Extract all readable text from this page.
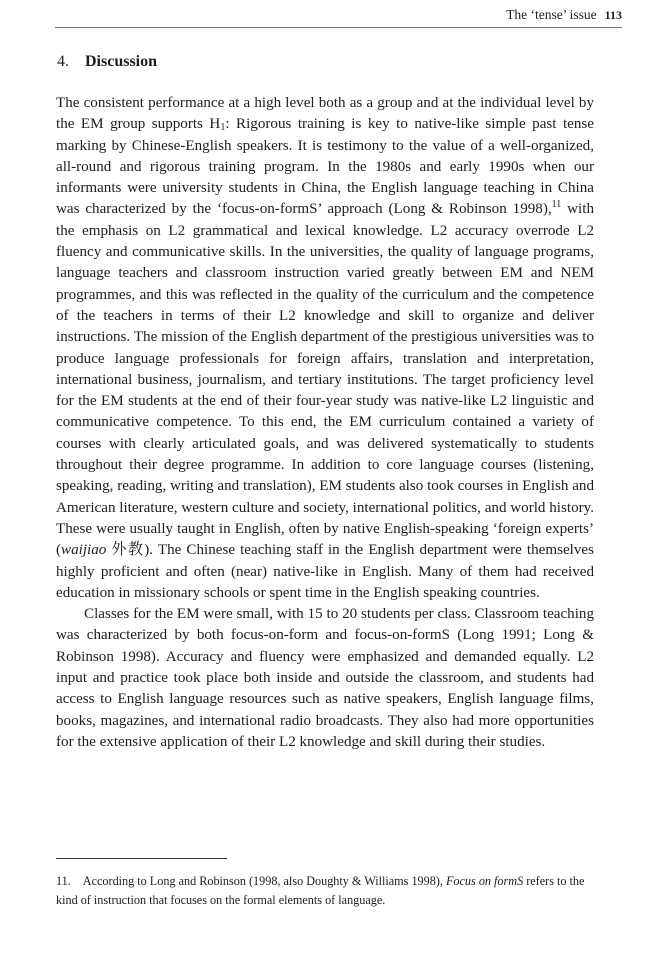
The ‘tense’ issue 113
4. Discussion

The consistent performance at a high level both as a group and at the individual level by the EM group supports $H_1$: Rigorous training is key to native-like simple past tense marking by Chinese-English speakers. It is testimony to the value of a well-organized, all-round and rigorous training program. In the 1980s and early 1990s when our informants were university students in China, the English language teaching in China was characterized by the ‘focus-on-formS’ approach (Long & Robinson 1998),$^{11}$ with the emphasis on L2 grammatical and lexical knowledge. L2 accuracy overrode L2 fluency and communicative skills. In the universities, the quality of language programs, language teachers and classroom instruction varied greatly between EM and NEM programmes, and this was reflected in the quality of the curriculum and the competence of the teachers in terms of their L2 knowledge and skill to organize and deliver instructions. The mission of the English department of the prestigious universities was to produce language professionals for foreign affairs, translation and interpretation, international business, journalism, and tertiary institutions. The target proficiency level for the EM students at the end of their four-year study was native-like L2 linguistic and communicative competence. To this end, the EM curriculum contained a variety of courses with clearly articulated goals, and was delivered systematically to students throughout their degree programme. In addition to core language courses (listening, speaking, reading, writing and translation), EM students also took courses in English and American literature, western culture and society, international politics, and world history. These were usually taught in English, often by native English-speaking ‘foreign experts’ (waijiao 外教). The Chinese teaching staff in the English department were themselves highly proficient and often (near) native-like in English. Many of them had received education in missionary schools or spent time in the English speaking countries.

Classes for the EM were small, with 15 to 20 students per class. Classroom teaching was characterized by both focus-on-form and focus-on-formS (Long 1991; Long & Robinson 1998). Accuracy and fluency were emphasized and demanded equally. L2 input and practice took place both inside and outside the classroom, and students had access to English language resources such as native speakers, English language films, books, magazines, and international radio broadcasts. They also had more opportunities for the extensive application of their L2 knowledge and skill during their studies.

11. According to Long and Robinson (1998, also Doughty & Williams 1998), Focus on formS refers to the kind of instruction that focuses on the formal elements of language.
